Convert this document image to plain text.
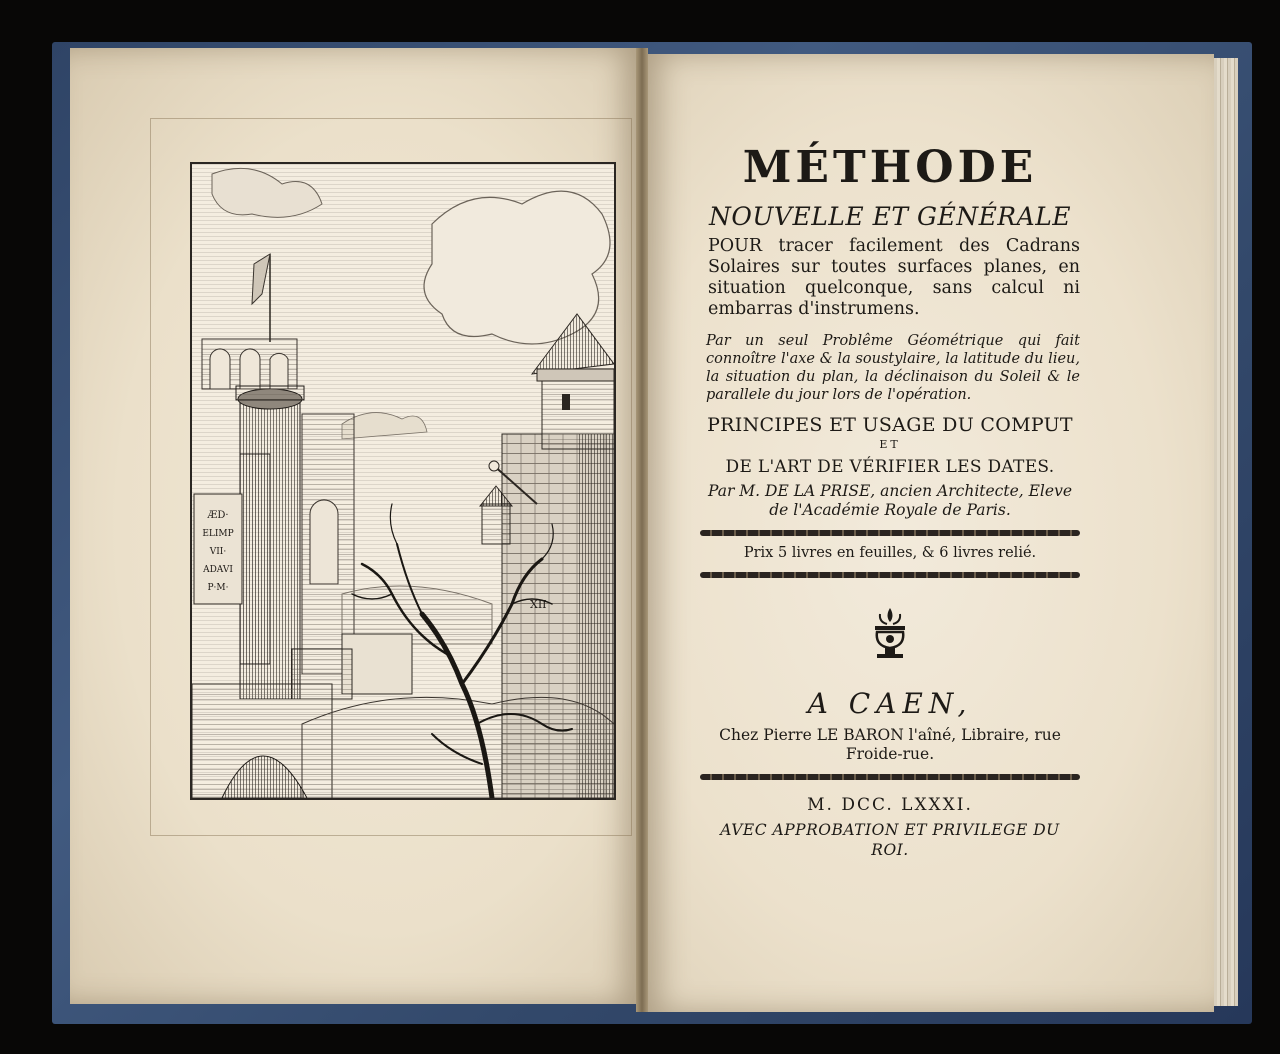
ÆD·
ELIMP
VII·
ADAVI
P·M·
XII
MÉTHODE
NOUVELLE ET GÉNÉRALE

POUR tracer facilement des Cadrans Solaires sur toutes surfaces planes, en situation quelconque, sans calcul ni embarras d'instrumens.

Par un seul Problême Géométrique qui fait connoître l'axe & la soustylaire, la latitude du lieu, la situation du plan, la déclinaison du Soleil & le parallele du jour lors de l'opération.

PRINCIPES ET USAGE DU COMPUT
ET
DE L'ART DE VÉRIFIER LES DATES.
Par M. DE LA PRISE, ancien Architecte, Eleve de l'Académie Royale de Paris.
Prix 5 livres en feuilles, & 6 livres relié.
A CAEN,
Chez Pierre LE BARON l'aîné, Libraire, rue Froide-rue.
M. DCC. LXXXI.
AVEC APPROBATION ET PRIVILEGE DU ROI.
